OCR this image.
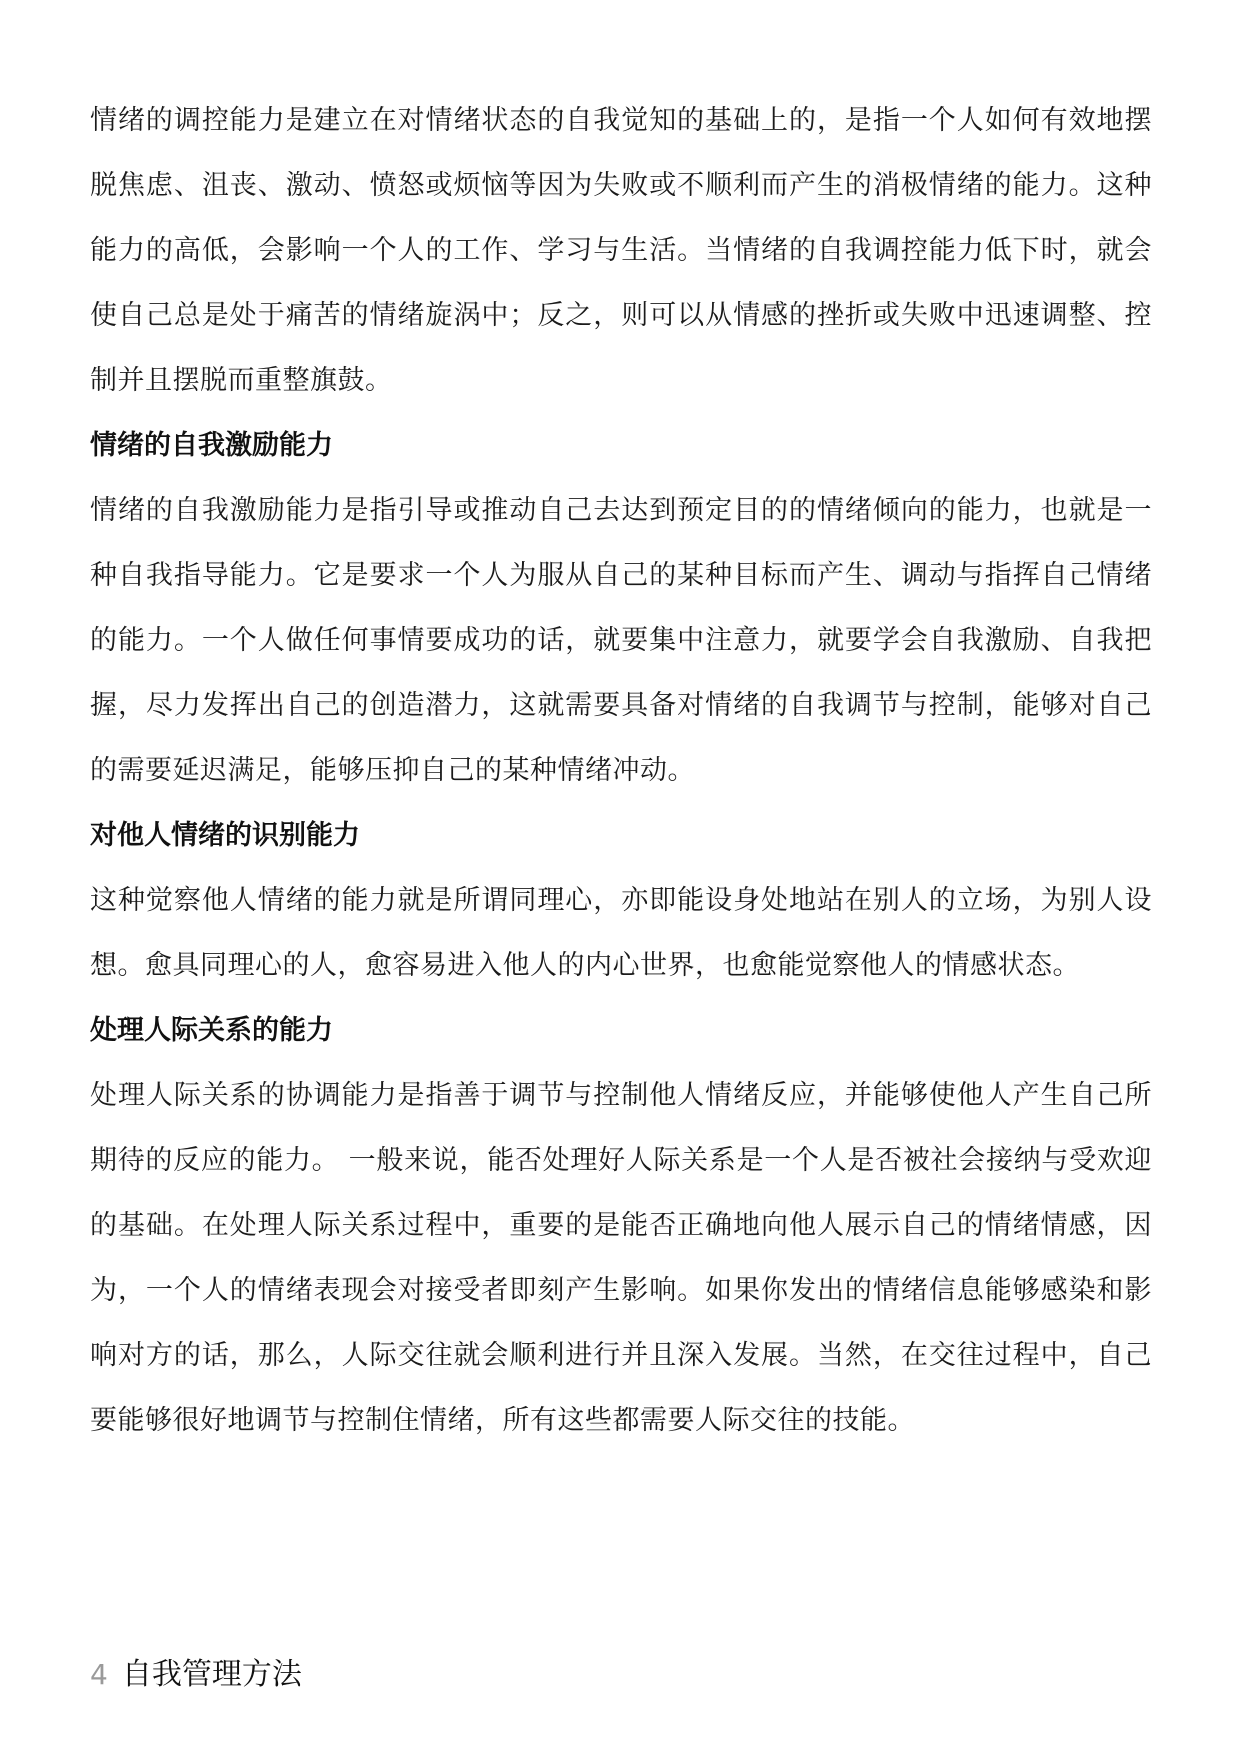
情绪的调控能力是建立在对情绪状态的自我觉知的基础上的，是指一个人如何有效地摆脱焦虑、沮丧、激动、愤怒或烦恼等因为失败或不顺利而产生的消极情绪的能力。这种能力的高低，会影响一个人的工作、学习与生活。当情绪的自我调控能力低下时，就会使自己总是处于痛苦的情绪旋涡中；反之，则可以从情感的挫折或失败中迅速调整、控制并且摆脱而重整旗鼓。

情绪的自我激励能力

情绪的自我激励能力是指引导或推动自己去达到预定目的的情绪倾向的能力，也就是一种自我指导能力。它是要求一个人为服从自己的某种目标而产生、调动与指挥自己情绪的能力。一个人做任何事情要成功的话，就要集中注意力，就要学会自我激励、自我把握，尽力发挥出自己的创造潜力，这就需要具备对情绪的自我调节与控制，能够对自己的需要延迟满足，能够压抑自己的某种情绪冲动。

对他人情绪的识别能力

这种觉察他人情绪的能力就是所谓同理心，亦即能设身处地站在别人的立场，为别人设想。愈具同理心的人，愈容易进入他人的内心世界，也愈能觉察他人的情感状态。

处理人际关系的能力

处理人际关系的协调能力是指善于调节与控制他人情绪反应，并能够使他人产生自己所期待的反应的能力。 一般来说，能否处理好人际关系是一个人是否被社会接纳与受欢迎的基础。在处理人际关系过程中，重要的是能否正确地向他人展示自己的情绪情感，因为，一个人的情绪表现会对接受者即刻产生影响。如果你发出的情绪信息能够感染和影响对方的话，那么，人际交往就会顺利进行并且深入发展。当然，在交往过程中，自己要能够很好地调节与控制住情绪，所有这些都需要人际交往的技能。

4 自我管理方法
